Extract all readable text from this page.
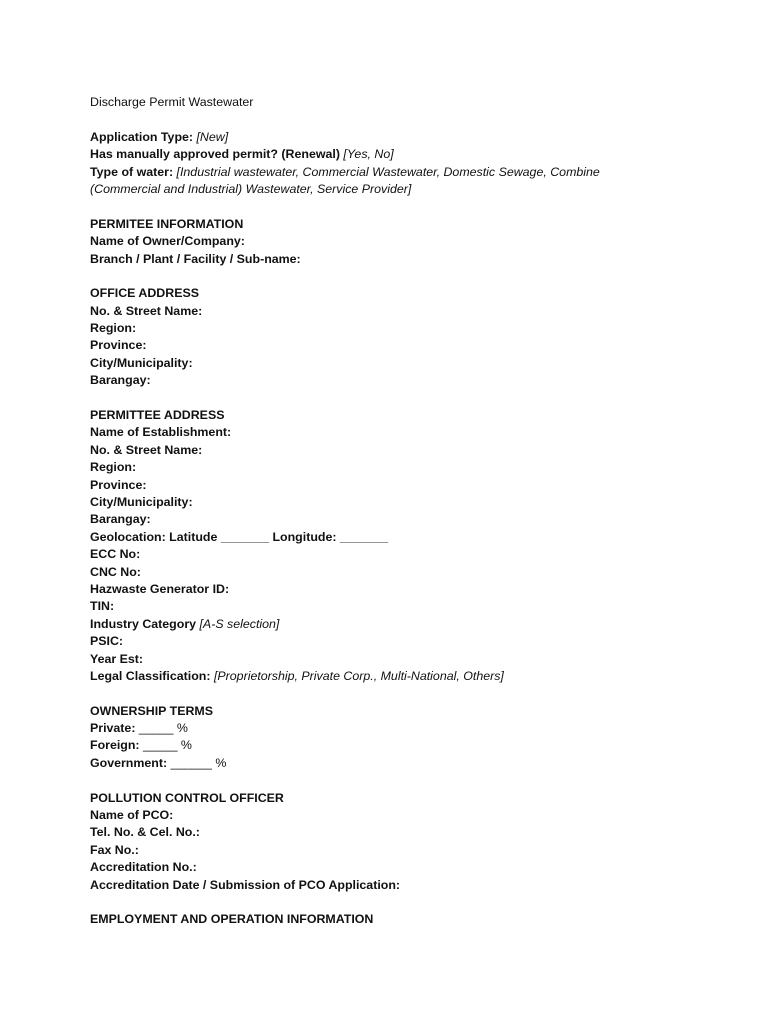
Discharge Permit Wastewater
Application Type: [New]
Has manually approved permit? (Renewal) [Yes, No]
Type of water: [Industrial wastewater, Commercial Wastewater, Domestic Sewage, Combine
(Commercial and Industrial) Wastewater, Service Provider]
PERMITEE INFORMATION
Name of Owner/Company:
Branch / Plant / Facility / Sub-name:
OFFICE ADDRESS
No. & Street Name:
Region:
Province:
City/Municipality:
Barangay:
PERMITTEE ADDRESS
Name of Establishment:
No. & Street Name:
Region:
Province:
City/Municipality:
Barangay:
Geolocation: Latitude _______ Longitude: _______
ECC No:
CNC No:
Hazwaste Generator ID:
TIN:
Industry Category [A-S selection]
PSIC:
Year Est:
Legal Classification: [Proprietorship, Private Corp., Multi-National, Others]
OWNERSHIP TERMS
Private: _____ %
Foreign: _____ %
Government: ______ %
POLLUTION CONTROL OFFICER
Name of PCO:
Tel. No. & Cel. No.:
Fax No.:
Accreditation No.:
Accreditation Date / Submission of PCO Application:
EMPLOYMENT AND OPERATION INFORMATION
